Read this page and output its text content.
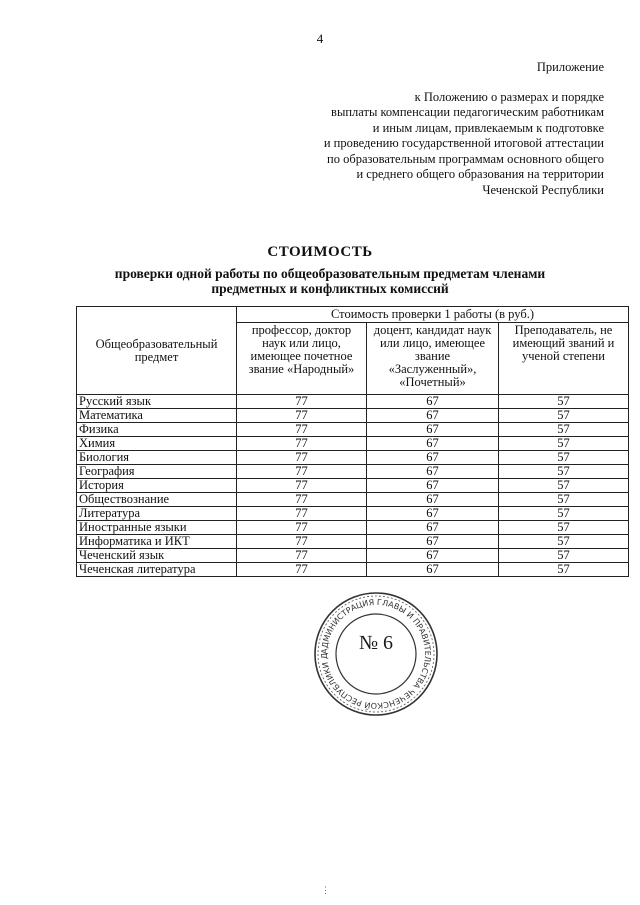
4
Приложение
к Положению о размерах и порядке
выплаты компенсации педагогическим работникам
и иным лицам, привлекаемым к подготовке
и проведению государственной итоговой аттестации
по образовательным программам основного общего
и среднего общего образования на территории
Чеченской Республики
СТОИМОСТЬ
проверки одной работы по общеобразовательным предметам членами
предметных и конфликтных комиссий
Общеобразовательный предмет	Стоимость проверки 1 работы (в руб.)		
	профессор, доктор наук или лицо, имеющее почетное звание «Народный»	доцент, кандидат наук или лицо, имеющее звание «Заслуженный», «Почетный»	Преподаватель, не имеющий званий и ученой степени
Русский язык	77	67	57
Математика	77	67	57
Физика	77	67	57
Химия	77	67	57
Биология	77	67	57
География	77	67	57
История	77	67	57
Обществознание	77	67	57
Литература	77	67	57
Иностранные языки	77	67	57
Информатика и ИКТ	77	67	57
Чеченский язык	77	67	57
Чеченская литература	77	67	57
АДМИНИСТРАЦИЯ ГЛАВЫ И ПРАВИТЕЛЬСТВА ЧЕЧЕНСКОЙ РЕСПУБЛИКИ Д
№ 6
⋮
